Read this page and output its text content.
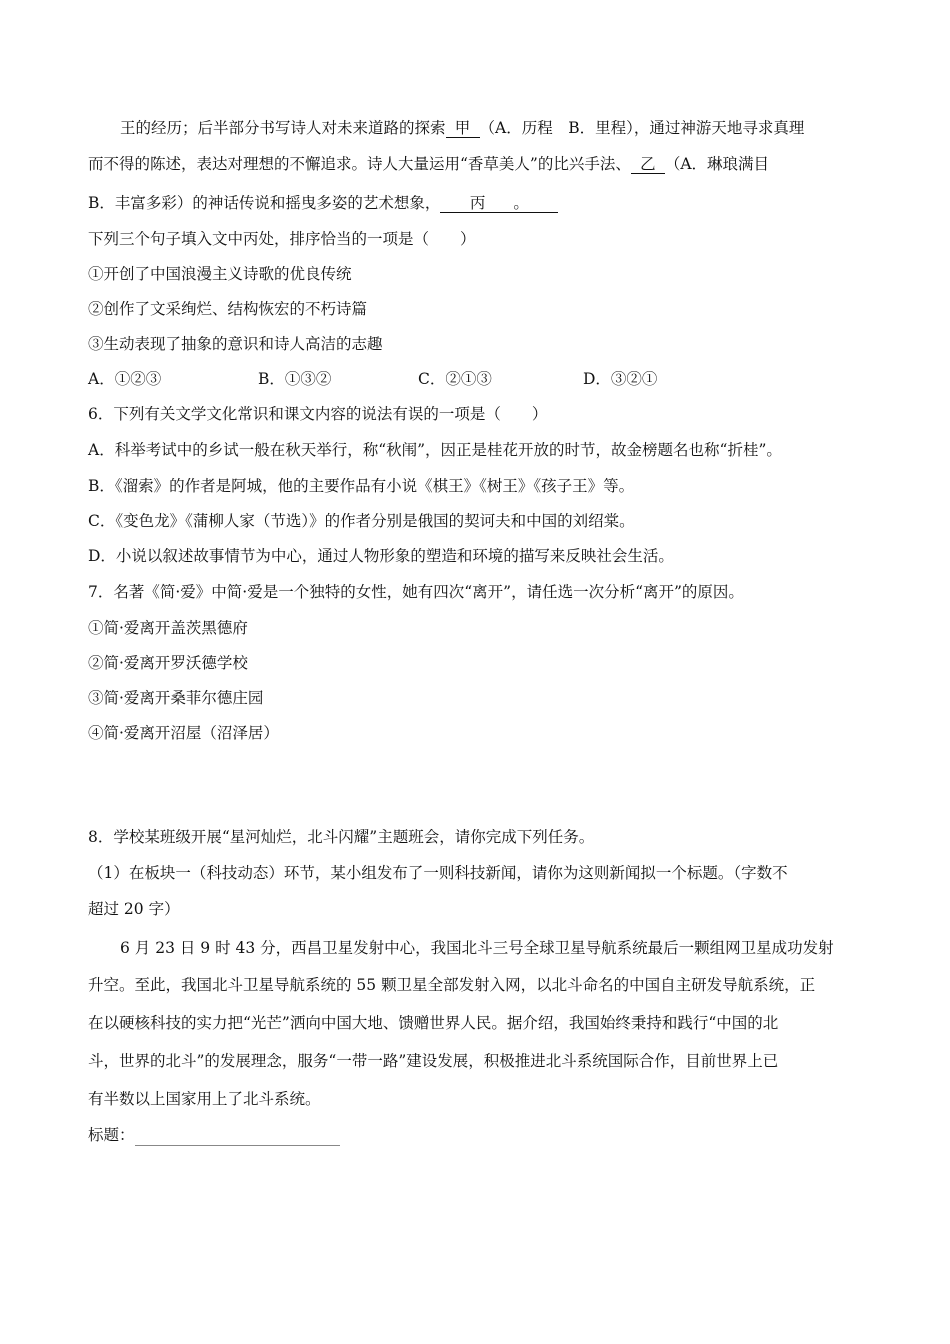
王的经历；后半部分书写诗人对未来道路的探索 甲 （A．历程　B．里程），通过神游天地寻求真理
而不得的陈述，表达对理想的不懈追求。诗人大量运用“香草美人”的比兴手法、 乙 （A．琳琅满目
B．丰富多彩）的神话传说和摇曳多姿的艺术想象， 丙 。
下列三个句子填入文中丙处，排序恰当的一项是（　　）
①开创了中国浪漫主义诗歌的优良传统
②创作了文采绚烂、结构恢宏的不朽诗篇
③生动表现了抽象的意识和诗人高洁的志趣
A．①②③	B．①③②	C．②①③	D．③②①
6．下列有关文学文化常识和课文内容的说法有误的一项是（　　）
A．科举考试中的乡试一般在秋天举行，称“秋闱”，因正是桂花开放的时节，故金榜题名也称“折桂”。
B．《溜索》的作者是阿城，他的主要作品有小说《棋王》《树王》《孩子王》等。
C．《变色龙》《蒲柳人家（节选）》的作者分别是俄国的契诃夫和中国的刘绍棠。
D．小说以叙述故事情节为中心，通过人物形象的塑造和环境的描写来反映社会生活。
7．名著《简·爱》中简·爱是一个独特的女性，她有四次“离开”，请任选一次分析“离开”的原因。
①简·爱离开盖茨黑德府
②简·爱离开罗沃德学校
③简·爱离开桑菲尔德庄园
④简·爱离开沼屋（沼泽居）
8．学校某班级开展“星河灿烂，北斗闪耀”主题班会，请你完成下列任务。
（1）在板块一（科技动态）环节，某小组发布了一则科技新闻，请你为这则新闻拟一个标题。（字数不
超过 20 字）
6 月 23 日 9 时 43 分，西昌卫星发射中心，我国北斗三号全球卫星导航系统最后一颗组网卫星成功发射
升空。至此，我国北斗卫星导航系统的 55 颗卫星全部发射入网，以北斗命名的中国自主研发导航系统，正
在以硬核科技的实力把“光芒”洒向中国大地、馈赠世界人民。据介绍，我国始终秉持和践行“中国的北
斗，世界的北斗”的发展理念，服务“一带一路”建设发展，积极推进北斗系统国际合作，目前世界上已
有半数以上国家用上了北斗系统。
标题：
